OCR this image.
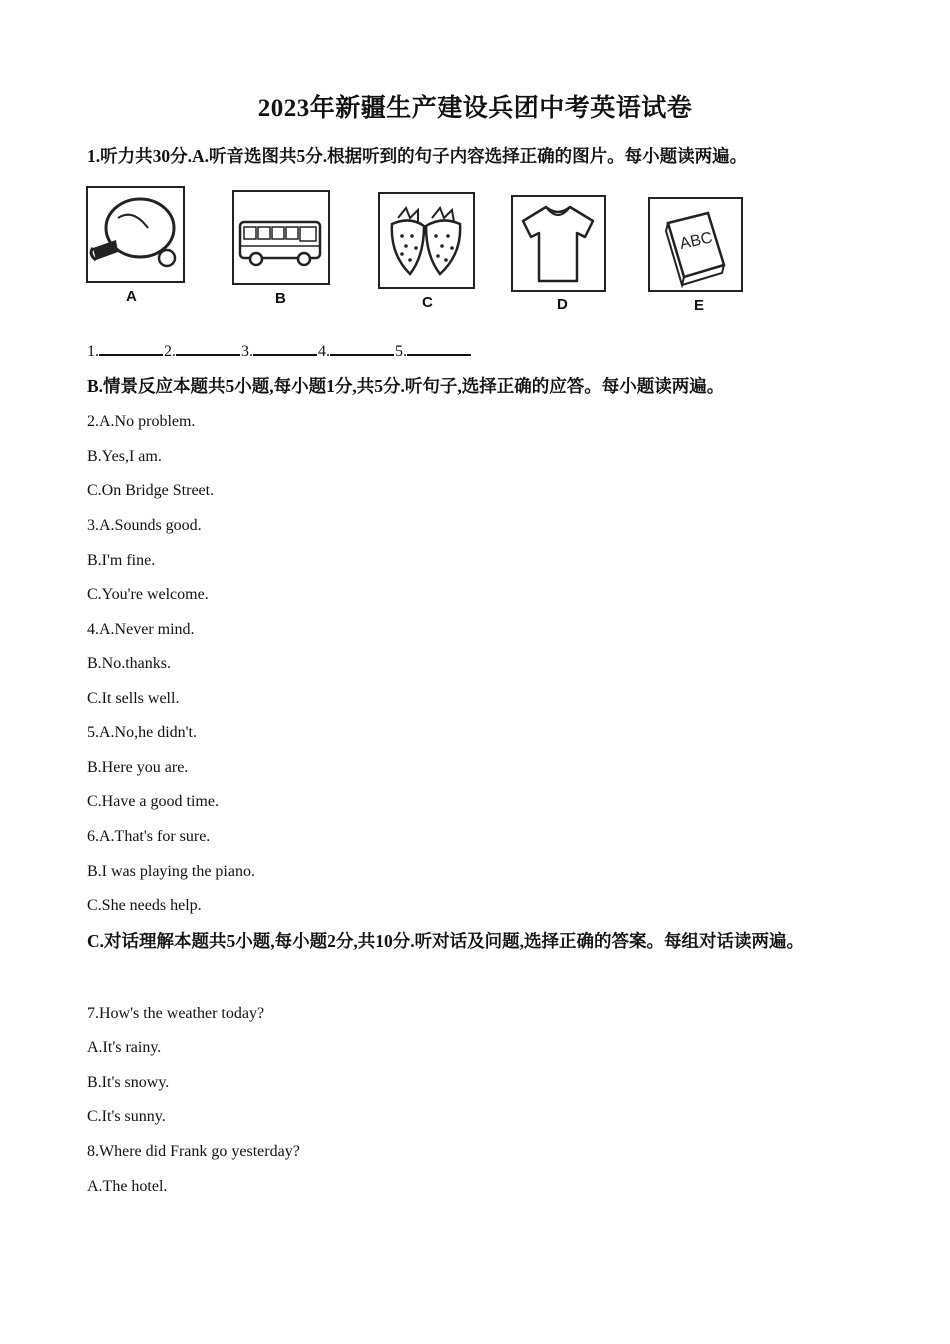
2023年新疆生产建设兵团中考英语试卷
1.听力共30分.A.听音选图共5分.根据听到的句子内容选择正确的图片。每小题读两遍。
A	B	C	D
ABC
E
1.	2.	3.	4.	5.
B.情景反应本题共5小题,每小题1分,共5分.听句子,选择正确的应答。每小题读两遍。
2.A.No problem.
B.Yes,I am.
C.On Bridge Street.
3.A.Sounds good.
B.I'm fine.
C.You're welcome.
4.A.Never mind.
B.No.thanks.
C.It sells well.
5.A.No,he didn't.
B.Here you are.
C.Have a good time.
6.A.That's for sure.
B.I was playing the piano.
C.She needs help.
C.对话理解本题共5小题,每小题2分,共10分.听对话及问题,选择正确的答案。每组对话读两遍。
7.How's the weather today?
A.It's rainy.
B.It's snowy.
C.It's sunny.
8.Where did Frank go yesterday?
A.The hotel.
